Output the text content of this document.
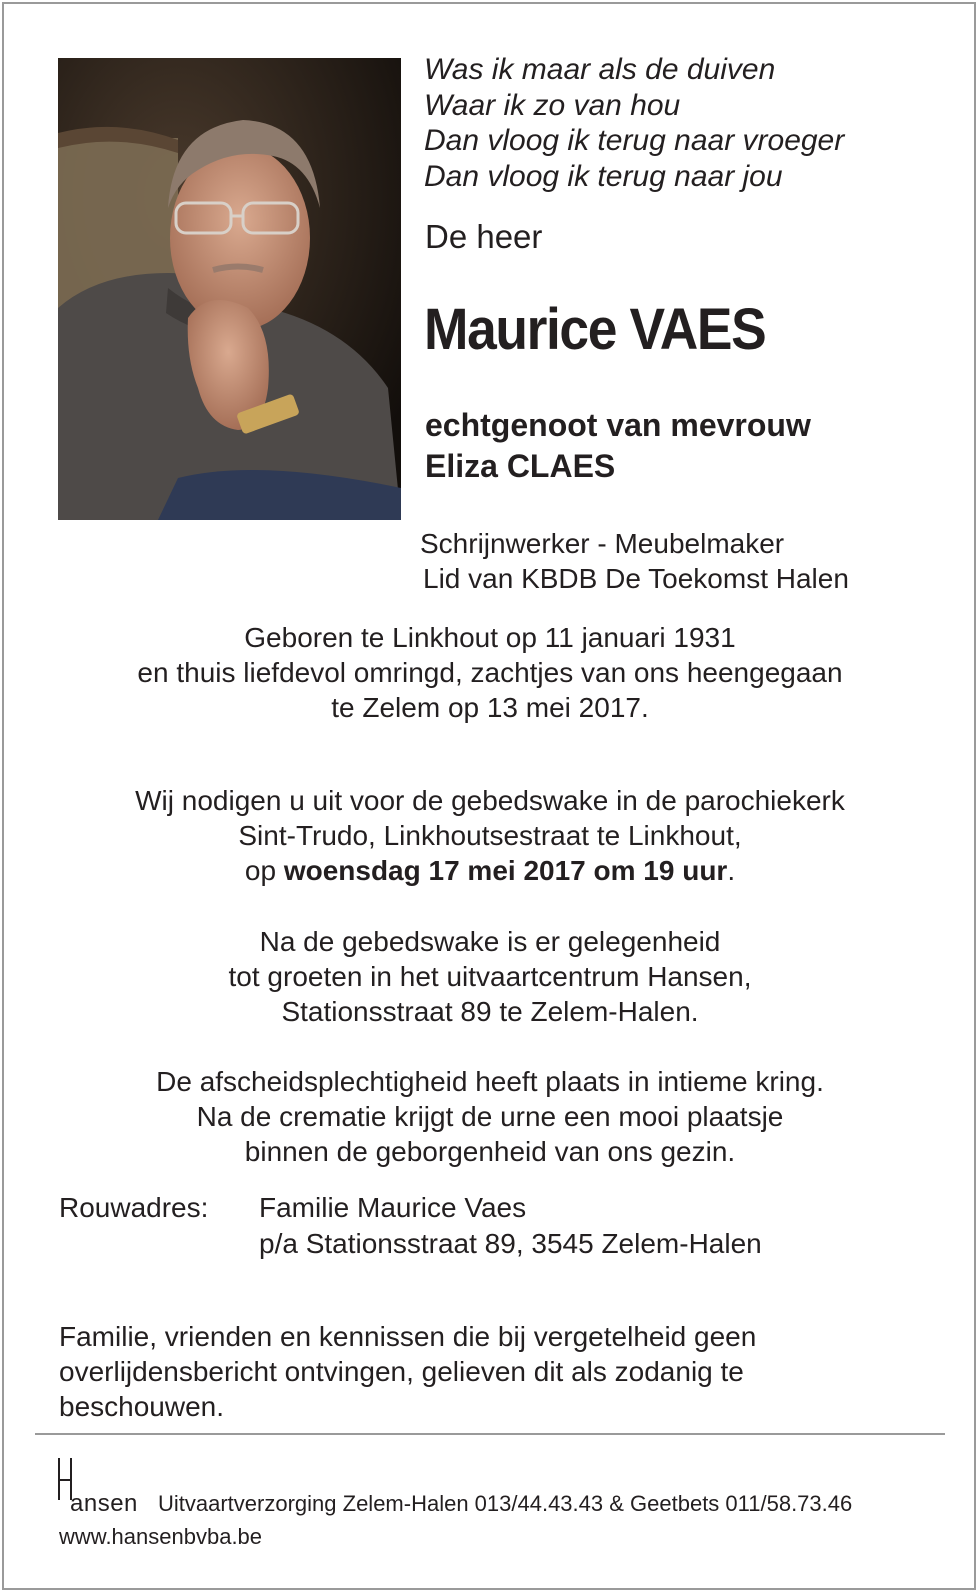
Was ik maar als de duiven
Waar ik zo van hou
Dan vloog ik terug naar vroeger
Dan vloog ik terug naar jou
De heer
Maurice VAES
echtgenoot van mevrouw
Eliza CLAES
Schrijnwerker - Meubelmaker
Lid van KBDB De Toekomst Halen
Geboren te Linkhout op 11 januari 1931
en thuis liefdevol omringd, zachtjes van ons heengegaan
te Zelem op 13 mei 2017.
Wij nodigen u uit voor de gebedswake in de parochiekerk
Sint-Trudo, Linkhoutsestraat te Linkhout,
op woensdag 17 mei 2017 om 19 uur.
Na de gebedswake is er gelegenheid
tot groeten in het uitvaartcentrum Hansen,
Stationsstraat 89 te Zelem-Halen.
De afscheidsplechtigheid heeft plaats in intieme kring.
Na de crematie krijgt de urne een mooi plaatsje
binnen de geborgenheid van ons gezin.
Rouwadres: Familie Maurice Vaes
p/a Stationsstraat 89, 3545 Zelem-Halen
Familie, vrienden en kennissen die bij vergetelheid geen overlijdensbericht ontvingen, gelieven dit als zodanig te beschouwen.
ansen Uitvaartverzorging Zelem-Halen 013/44.43.43 & Geetbets 011/58.73.46
www.hansenbvba.be
